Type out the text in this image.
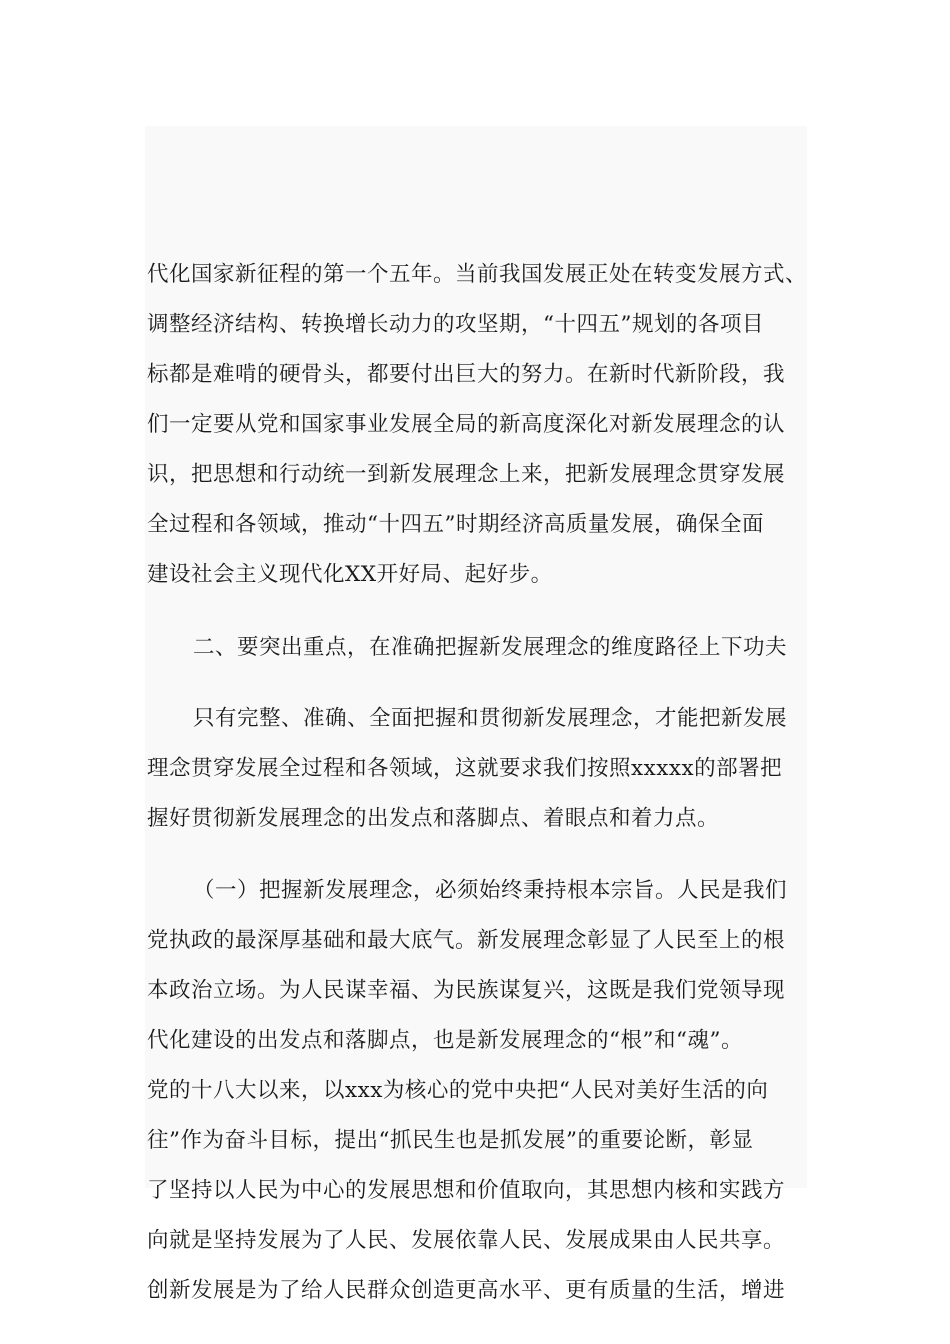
代化国家新征程的第一个五年。当前我国发展正处在转变发展方式、
调整经济结构、转换增长动力的攻坚期，“十四五”规划的各项目
标都是难啃的硬骨头，都要付出巨大的努力。在新时代新阶段，我
们一定要从党和国家事业发展全局的新高度深化对新发展理念的认
识，把思想和行动统一到新发展理念上来，把新发展理念贯穿发展
全过程和各领域，推动“十四五”时期经济高质量发展，确保全面
建设社会主义现代化XX开好局、起好步。
二、要突出重点，在准确把握新发展理念的维度路径上下功夫
只有完整、准确、全面把握和贯彻新发展理念，才能把新发展
理念贯穿发展全过程和各领域，这就要求我们按照xxxxx的部署把
握好贯彻新发展理念的出发点和落脚点、着眼点和着力点。
（一）把握新发展理念，必须始终秉持根本宗旨。人民是我们
党执政的最深厚基础和最大底气。新发展理念彰显了人民至上的根
本政治立场。为人民谋幸福、为民族谋复兴，这既是我们党领导现
代化建设的出发点和落脚点，也是新发展理念的“根”和“魂”。
党的十八大以来，以xxx为核心的党中央把“人民对美好生活的向
往”作为奋斗目标，提出“抓民生也是抓发展”的重要论断，彰显
了坚持以人民为中心的发展思想和价值取向，其思想内核和实践方
向就是坚持发展为了人民、发展依靠人民、发展成果由人民共享。
创新发展是为了给人民群众创造更高水平、更有质量的生活，增进
